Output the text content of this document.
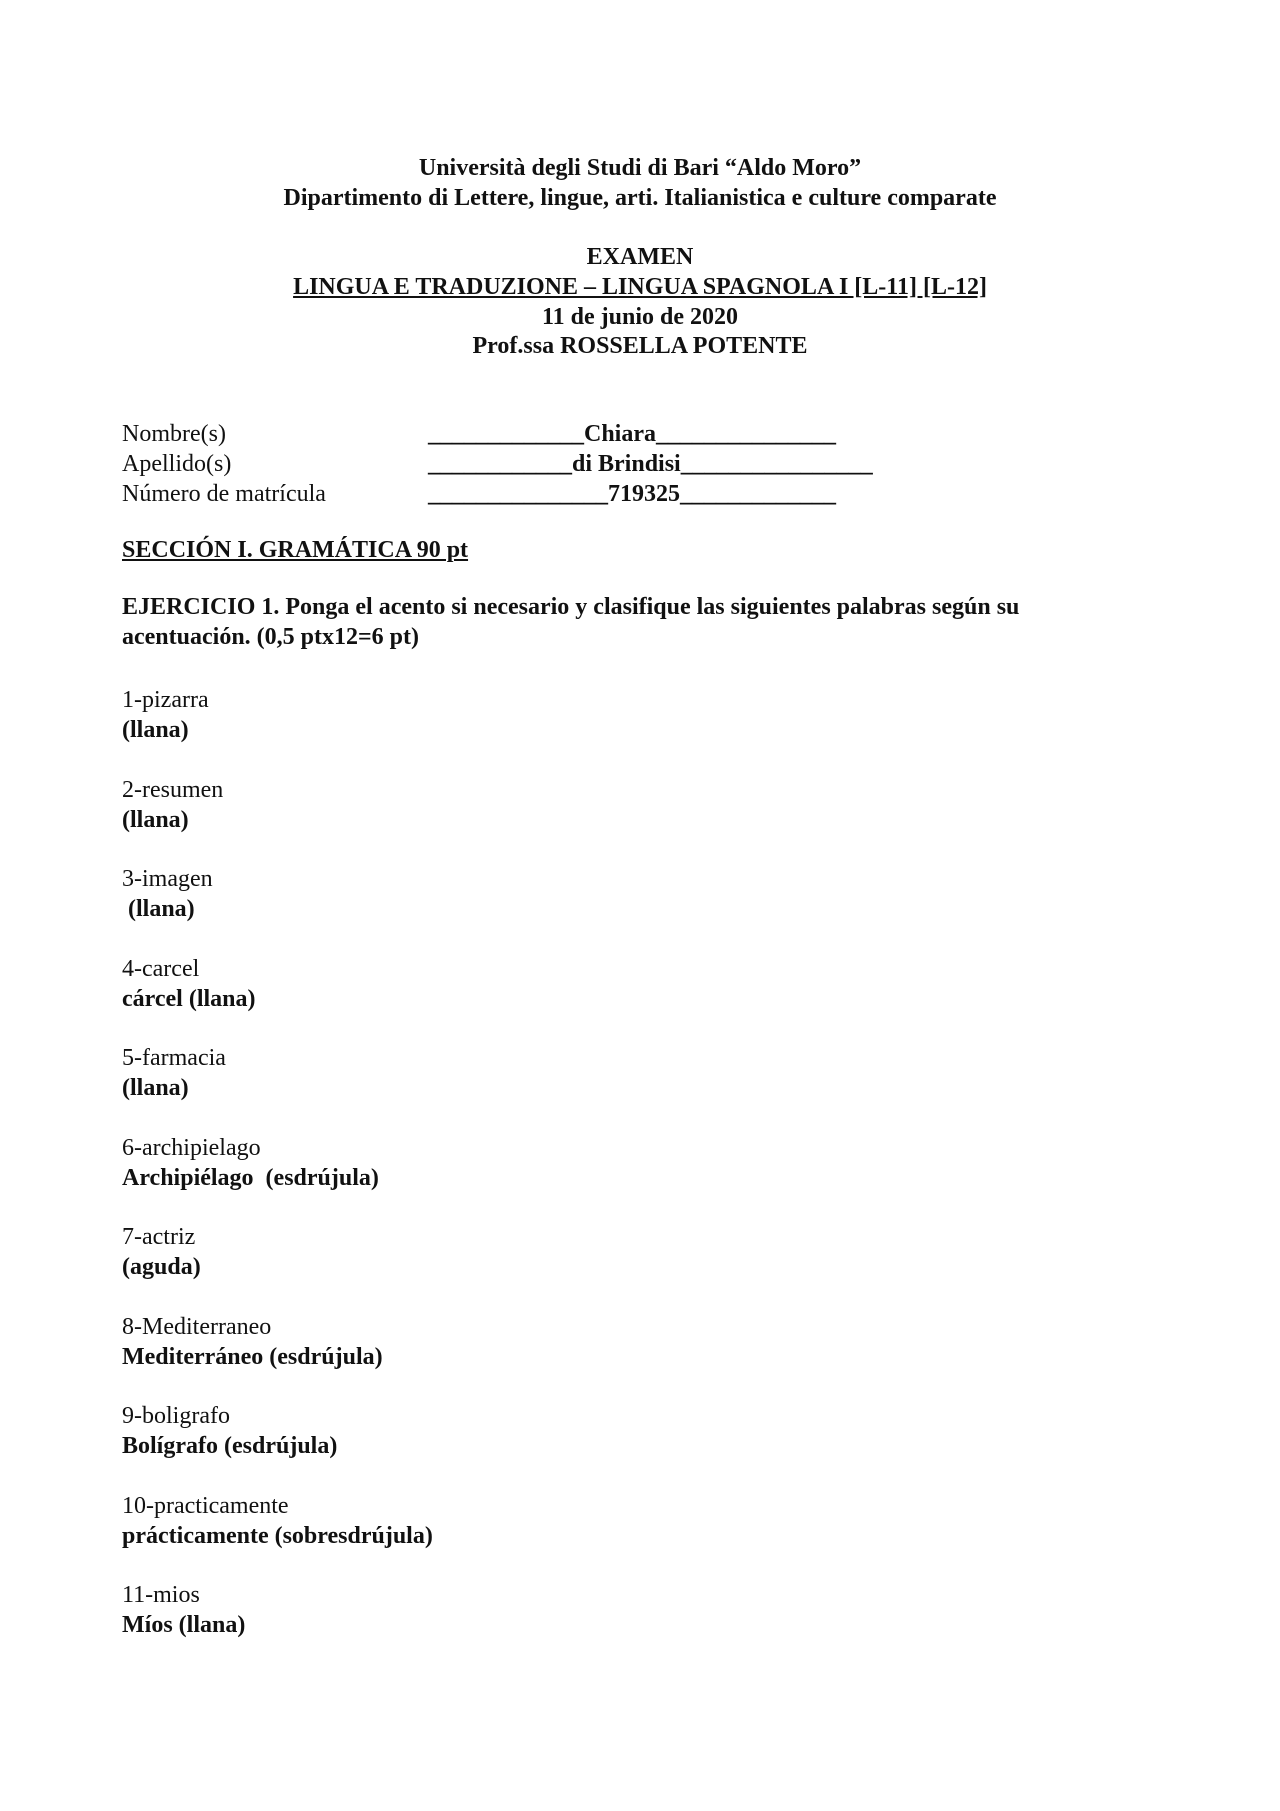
Università degli Studi di Bari “Aldo Moro”
Dipartimento di Lettere, lingue, arti. Italianistica e culture comparate
EXAMEN
LINGUA E TRADUZIONE – LINGUA SPAGNOLA I [L-11] [L-12]
11 de junio de 2020
Prof.ssa ROSSELLA POTENTE
Nombre(s)	_____________Chiara_______________
Apellido(s)	____________di Brindisi________________
Número de matrícula	_______________719325_____________
SECCIÓN I. GRAMÁTICA 90 pt
EJERCICIO 1. Ponga el acento si necesario y clasifique las siguientes palabras según su acentuación. (0,5 ptx12=6 pt)
1-pizarra
(llana)
2-resumen
(llana)
3-imagen
(llana)
4-carcel
cárcel (llana)
5-farmacia
(llana)
6-archipielago
Archipiélago  (esdrújula)
7-actriz
(aguda)
8-Mediterraneo
Mediterráneo (esdrújula)
9-boligrafo
Bolígrafo (esdrújula)
10-practicamente
prácticamente (sobresdrújula)
11-mios
Míos (llana)
